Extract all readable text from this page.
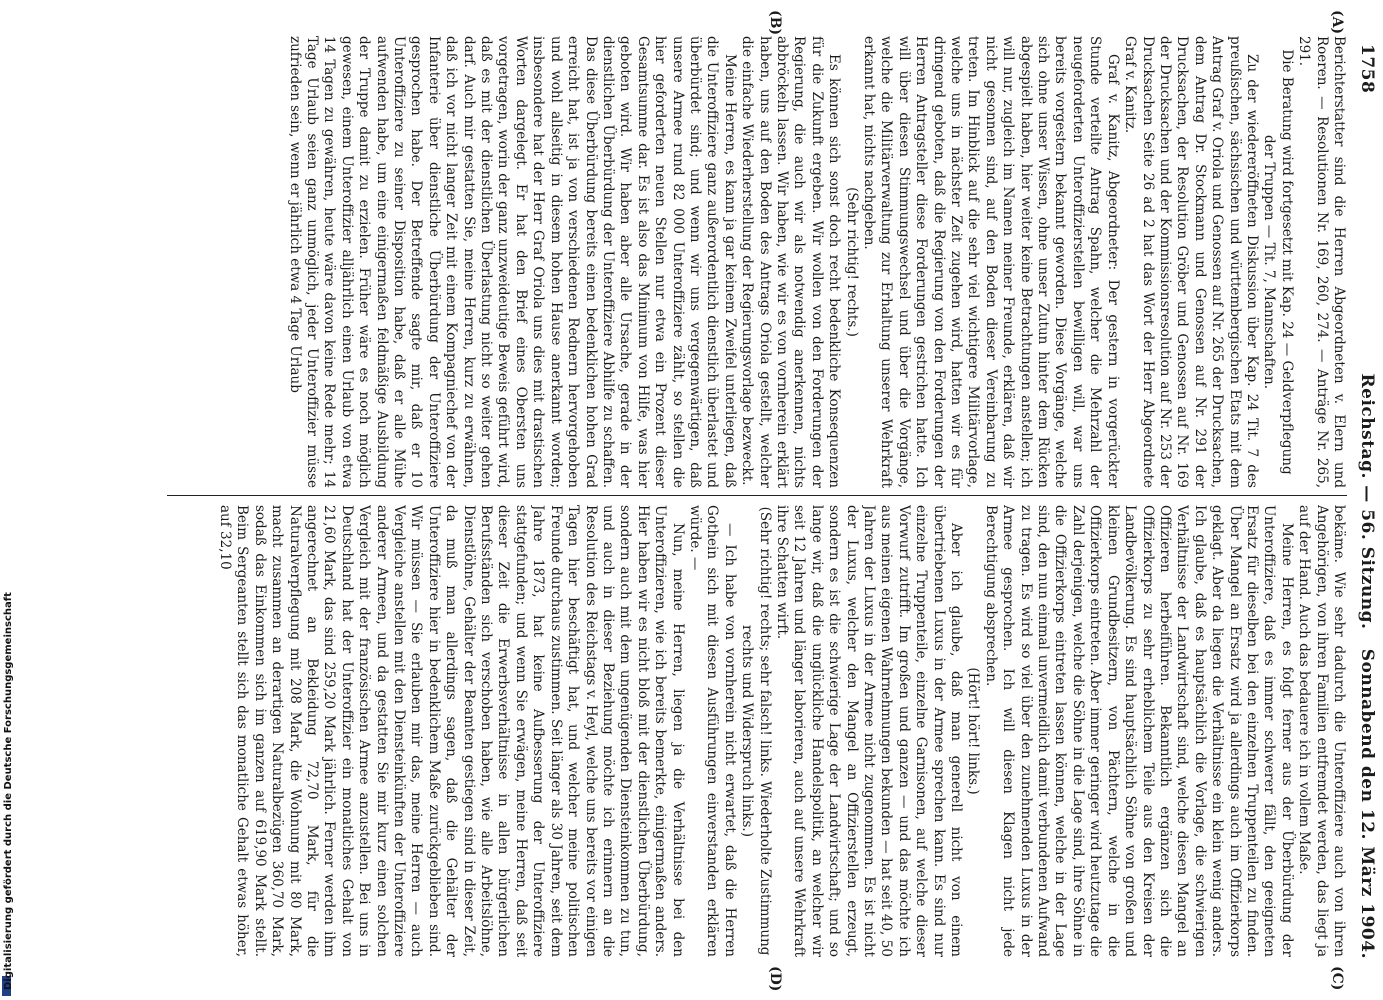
1758
Reichstag. — 56. Sitzung.
Sonnabend den 12. März 1904.
(A)
(B)
(C)
(D)

Berichterstatter sind die Herren Abgeordneten v. Elern und Roeren. — Resolutionen Nr. 169, 260, 274. — Anträge Nr. 265, 291.

Die Beratung wird fortgesetzt mit Kap. 24 — Geldverpflegung der Truppen — Tit. 7, Mannschaften.

Zu der wiedereröffneten Diskussion über Kap. 24 Tit. 7 des preußischen, sächsischen und württembergischen Etats mit dem Antrag Graf v. Oriola und Genossen auf Nr. 265 der Drucksachen, dem Antrag Dr. Stockmann und Genossen auf Nr. 291 der Drucksachen, der Resolution Gröber und Genossen auf Nr. 169 der Drucksachen und der Kommissionsresolution auf Nr. 253 der Drucksachen Seite 26 ad 2 hat das Wort der Herr Abgeordnete Graf v. Kanitz.

Graf v. Kanitz, Abgeordneter: Der gestern in vorgerückter Stunde verteilte Antrag Spahn, welcher die Mehrzahl der neugeforderten Unteroffizierstellen bewilligen will, war uns bereits vorgestern bekannt geworden. Diese Vorgänge, welche sich ohne unser Wissen, ohne unser Zutun hinter dem Rücken abgespielt haben, hier weiter keine Betrachtungen anstellen; ich will nur, zugleich im Namen meiner Freunde, erklären, daß wir nicht gesonnen sind, auf den Boden dieser Vereinbarung zu treten. Im Hinblick auf die sehr viel wichtigere Militärvorlage, welche uns in nächster Zeit zugehen wird, hatten wir es für dringend geboten, daß die Regierung von den Forderungen der Herren Antragsteller diese Forderungen gestrichen hatte. Ich will über diesen Stimmungswechsel und über die Vorgänge, welche die Militärverwaltung zur Erhaltung unserer Wehrkraft erkannt hat, nichts nachgeben.

(Sehr richtig! rechts.)

Es können sich sonst doch recht bedenkliche Konsequenzen für die Zukunft ergeben. Wir wollen von den Forderungen der Regierung, die auch wir als notwendig anerkennen, nichts abbröckeln lassen. Wir haben, wie wir es von vornherein erklärt haben, uns auf den Boden des Antrags Oriola gestellt, welcher die einfache Wiederherstellung der Regierungsvorlage bezweckt.

Meine Herren, es kann ja gar keinem Zweifel unterliegen, daß die Unteroffiziere ganz außerordentlich dienstlich überlastet und überbürdet sind; und wenn wir uns vergegenwärtigen, daß unsere Armee rund 82 000 Unteroffiziere zählt, so stellen die hier geforderten neuen Stellen nur etwa ein Prozent dieser Gesamtsumme dar. Es ist also das Minimum von Hilfe, was hier geboten wird. Wir haben aber alle Ursache, gerade in der dienstlichen Überbürdung der Unteroffiziere Abhilfe zu schaffen. Das diese Überbürdung bereits einen bedenklichen hohen Grad erreicht hat, ist ja von verschiedenen Rednern hervorgehoben und wohl allseitig in diesem hohen Hause anerkannt worden; insbesondere hat der Herr Graf Oriola uns dies mit drastischen Worten dargelegt. Er hat den Brief eines Obersten uns vorgetragen, worin der ganz unzweideutige Beweis geführt wird, daß es mit der dienstlichen Überlastung nicht so weiter gehen darf. Auch mir gestatten Sie, meine Herren, kurz zu erwähnen, daß ich vor nicht langer Zeit mit einem Kompagniechef von der Infanterie über dienstliche Überbürdung der Unteroffiziere gesprochen habe. Der Betreffende sagte mir, daß er 10 Unteroffiziere zu seiner Disposition habe, daß er alle Mühe aufwenden habe, um eine einigermaßen feldmäßige Ausbildung der Truppe damit zu erzielen. Früher wäre es noch möglich gewesen, einem Unteroffizier alljährlich einen Urlaub von etwa 14 Tagen zu gewähren, heute wäre davon keine Rede mehr; 14 Tage Urlaub seien ganz unmöglich, jeder Unteroffizier müsse zufrieden sein, wenn er jährlich etwa 4 Tage Urlaub

bekäme. Wie sehr dadurch die Unteroffiziere auch von ihren Angehörigen, von ihren Familien entfremdet werden, das liegt ja auf der Hand. Auch das bedauere ich in vollem Maße.

Meine Herren, es folgt ferner aus der Überbürdung der Unteroffiziere, daß es immer schwerer fällt, den geeigneten Ersatz für dieselben bei den einzelnen Truppenteilen zu finden. Über Mangel an Ersatz wird ja allerdings auch im Offizierkorps geklagt. Aber da liegen die Verhältnisse ein klein wenig anders. Ich glaube, daß es hauptsächlich die Vorlage, die schwierigen Verhältnisse der Landwirtschaft sind, welche diesen Mangel an Offizieren herbeiführen. Bekanntlich ergänzen sich die Offizierkorps zu sehr erheblichem Teile aus den Kreisen der Landbevölkerung. Es sind hauptsächlich Söhne von großen und kleinen Grundbesitzern, von Pächtern, welche in die Offizierkorps eintreten. Aber immer geringer wird heutzutage die Zahl derjenigen, welche die Söhne in die Lage sind, ihre Söhne in die Offizierkorps eintreten lassen können, welche in der Lage sind, den nun einmal unvermeidlich damit verbundenen Aufwand zu tragen. Es wird so viel über den zunehmenden Luxus in der Armee gesprochen. Ich will diesen Klagen nicht jede Berechtigung absprechen.

(Hört! hört! links.)

Aber ich glaube, daß man generell nicht von einem übertriebenen Luxus in der Armee sprechen kann. Es sind nur einzelne Truppenteile, einzelne Garnisonen, auf welche dieser Vorwurf zutrifft. Im großen und ganzen — und das möchte ich aus meinen eigenen Wahrnehmungen bekunden — hat seit 40, 50 Jahren der Luxus in der Armee nicht zugenommen. Es ist nicht der Luxus, welcher den Mangel an Offizierstellen erzeugt, sondern es ist die schwierige Lage der Landwirtschaft; und so lange wir, daß die unglückliche Handelspolitik, an welcher wir seit 12 Jahren und länger laborieren, auch auf unsere Wehrkraft ihre Schatten wirft.

(Sehr richtig! rechts; sehr falsch! links. Wiederholte Zustimmung rechts und Widerspruch links.)

— Ich habe von vornherein nicht erwartet, daß die Herren Gothein sich mit diesen Ausführungen einverstanden erklären würde. —

Nun, meine Herren, liegen ja die Verhältnisse bei den Unteroffizieren, wie ich bereits bemerkte, einigermaßen anders. Hier haben wir es nicht bloß mit der dienstlichen Überbürdung, sondern auch mit dem ungenügenden Diensteinkommen zu tun, und auch in dieser Beziehung möchte ich erinnern an die Resolution des Reichstags v. Heyl, welche uns bereits vor einigen Tagen hier beschäftigt hat, und welcher meine politischen Freunde durchaus zustimmen. Seit länger als 30 Jahren, seit dem Jahre 1873, hat keine Aufbesserung der Unteroffiziere stattgefunden; und wenn Sie erwägen, meine Herren, daß seit dieser Zeit die Erwerbsverhältnisse in allen bürgerlichen Berufsständen sich verschoben haben, wie alle Arbeitslöhne, Dienstlöhne, Gehälter der Beamten gestiegen sind in dieser Zeit, da muß man allerdings sagen, daß die Gehälter der Unteroffiziere hier in bedenklichem Maße zurückgeblieben sind. Wir müssen — Sie erlauben mir das, meine Herren — auch Vergleiche anstellen mit den Diensteinkünften der Unteroffiziere anderer Armeen, und da gestatten Sie mir kurz einen solchen Vergleich mit der französischen Armee anzustellen. Bei uns in Deutschland hat der Unteroffizier ein monatliches Gehalt von 21,60 Mark, das sind 259,20 Mark jährlich. Ferner werden ihm angerechnet an Bekleidung 72,70 Mark, für die Naturalverpflegung mit 208 Mark, die Wohnung mit 80 Mark, macht zusammen an derartigen Naturalbezügen 360,70 Mark, sodaß das Einkommen sich im ganzen auf 619,90 Mark stellt. Beim Sergeanten stellt sich das monatliche Gehalt etwas höher, auf 32,10

Digitalisierung gefördert durch die Deutsche Forschungsgemeinschaft
